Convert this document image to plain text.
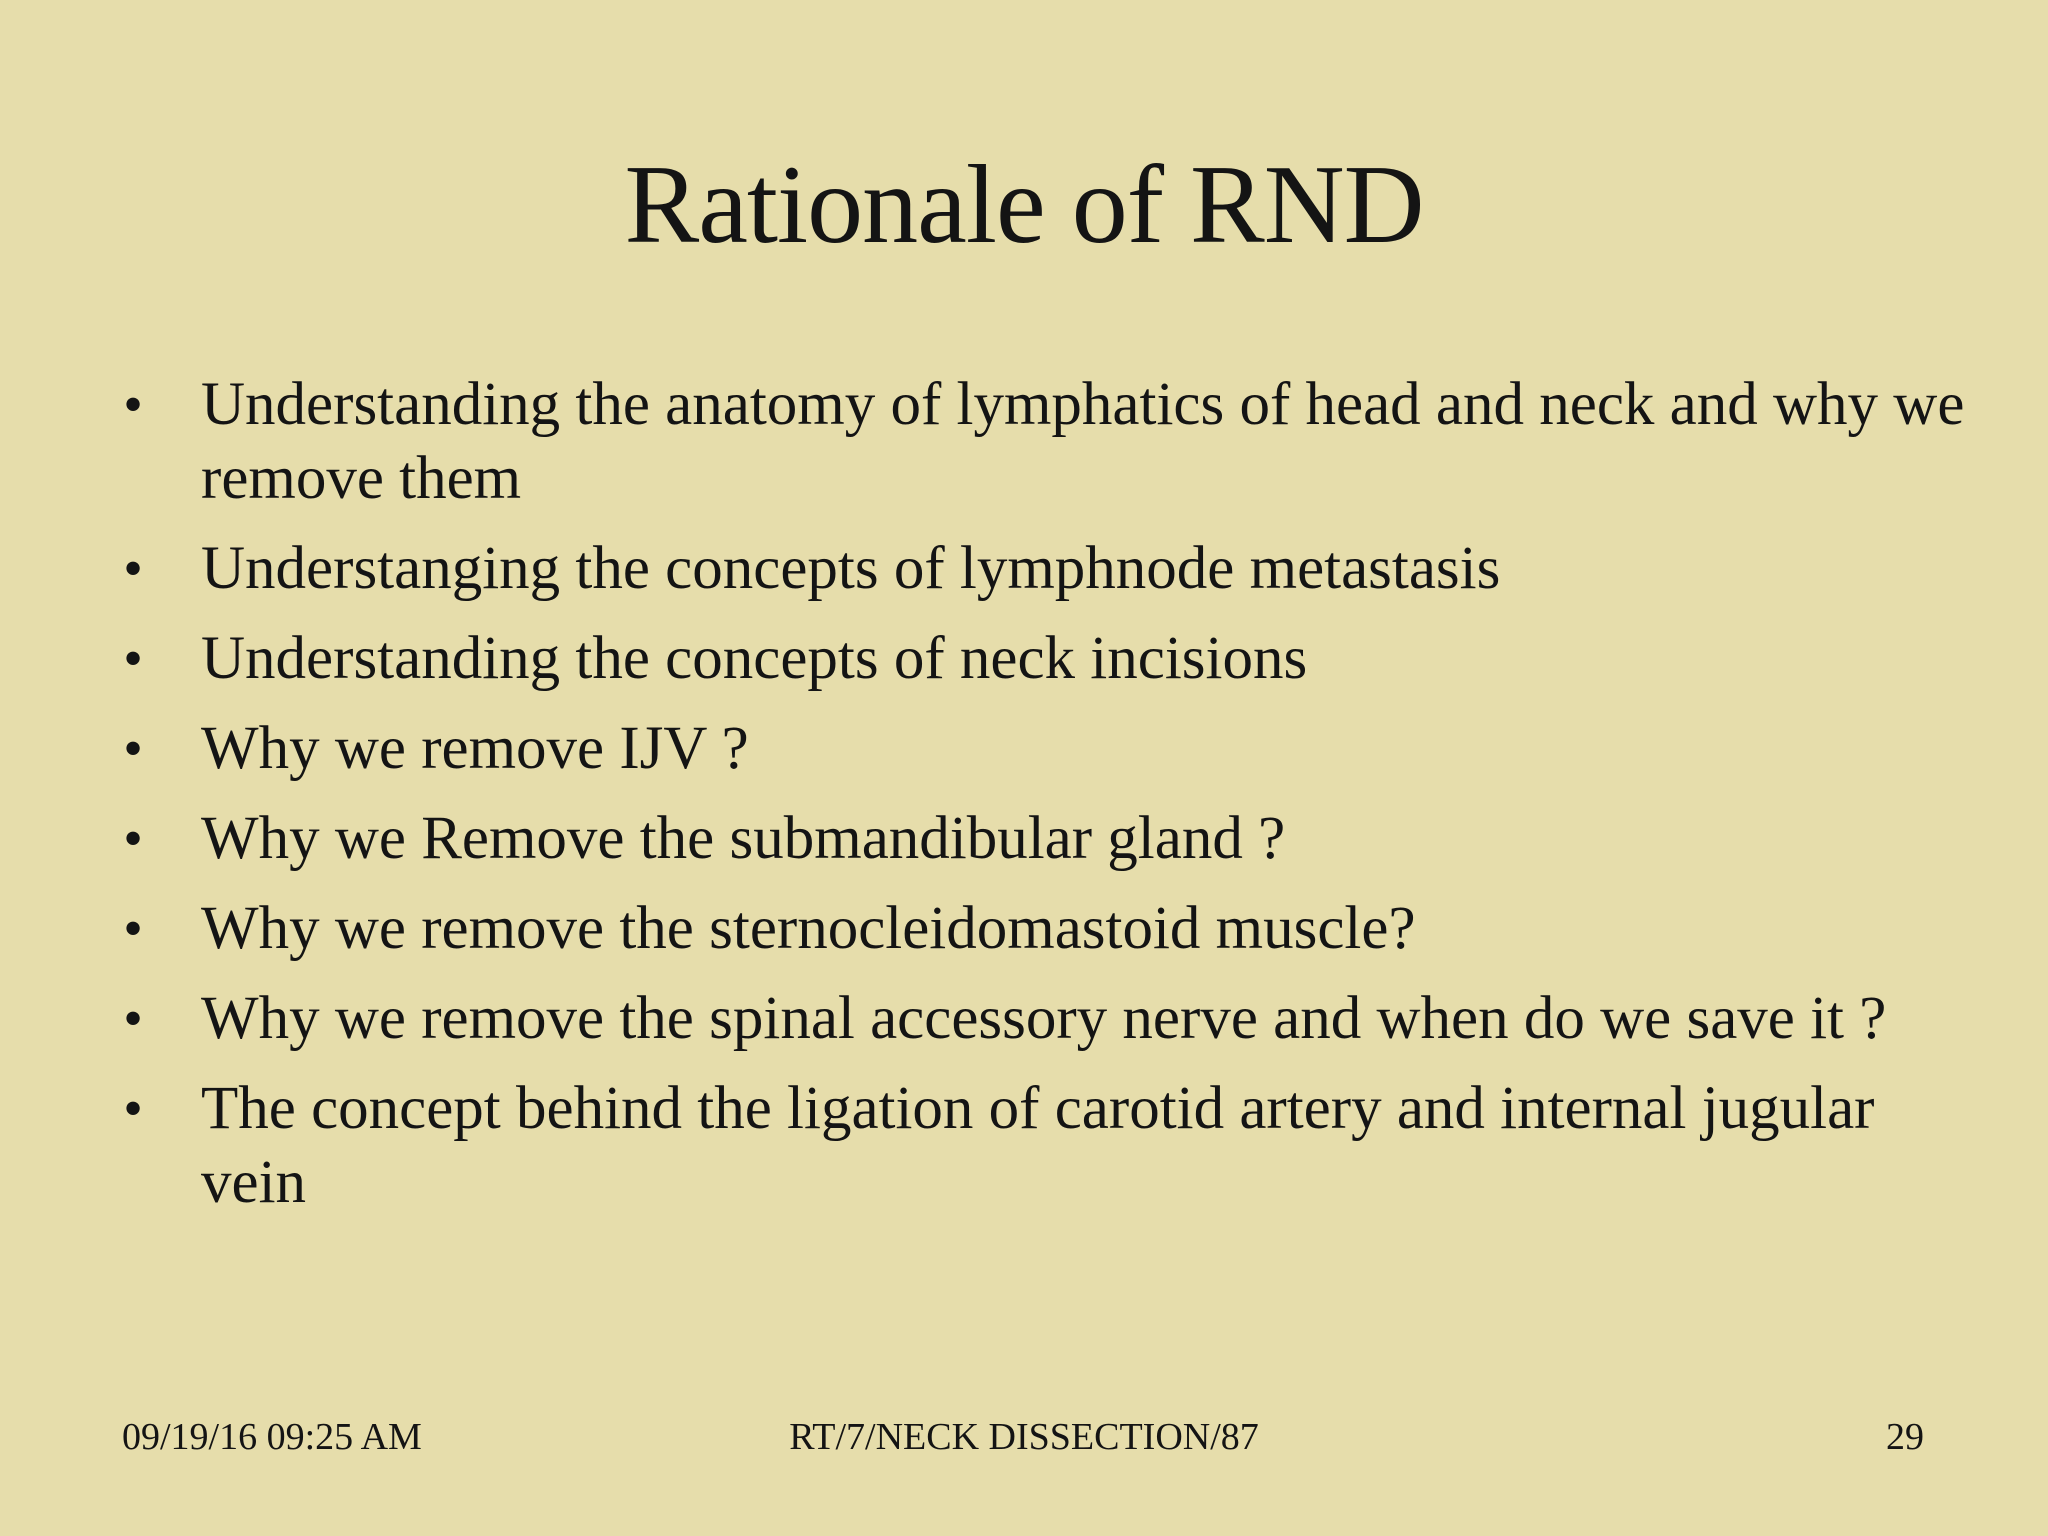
Rationale of RND
• Understanding the anatomy of lymphatics of head and neck and why we remove them
• Understanging the concepts of lymphnode metastasis
• Understanding the concepts of neck incisions
• Why we remove IJV ?
• Why we Remove the submandibular gland ?
• Why we remove the sternocleidomastoid muscle?
• Why we remove the spinal accessory nerve and when do we save it ?
• The concept behind the ligation of carotid artery and internal jugular vein
09/19/16 09:25 AM	RT/7/NECK DISSECTION/87	29
